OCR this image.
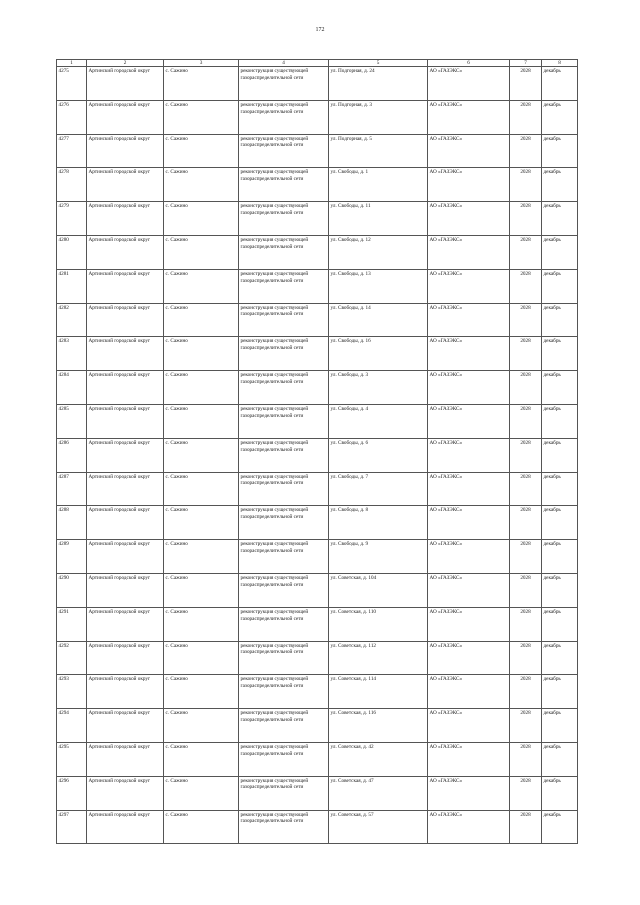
172
1	2	3	4	5	6	7	8
4275	Артинский городской округ	с. Сажино	реконструкция существующей газораспределительной сети	ул. Подгорная, д. 24	АО «ГАЗЭКС»	2028	декабрь
4276	Артинский городской округ	с. Сажино	реконструкция существующей газораспределительной сети	ул. Подгорная, д. 3	АО «ГАЗЭКС»	2028	декабрь
4277	Артинский городской округ	с. Сажино	реконструкция существующей газораспределительной сети	ул. Подгорная, д. 5	АО «ГАЗЭКС»	2028	декабрь
4278	Артинский городской округ	с. Сажино	реконструкция существующей газораспределительной сети	ул. Свободы, д. 1	АО «ГАЗЭКС»	2028	декабрь
4279	Артинский городской округ	с. Сажино	реконструкция существующей газораспределительной сети	ул. Свободы, д. 11	АО «ГАЗЭКС»	2028	декабрь
4280	Артинский городской округ	с. Сажино	реконструкция существующей газораспределительной сети	ул. Свободы, д. 12	АО «ГАЗЭКС»	2028	декабрь
4281	Артинский городской округ	с. Сажино	реконструкция существующей газораспределительной сети	ул. Свободы, д. 13	АО «ГАЗЭКС»	2028	декабрь
4282	Артинский городской округ	с. Сажино	реконструкция существующей газораспределительной сети	ул. Свободы, д. 14	АО «ГАЗЭКС»	2028	декабрь
4283	Артинский городской округ	с. Сажино	реконструкция существующей газораспределительной сети	ул. Свободы, д. 16	АО «ГАЗЭКС»	2028	декабрь
4284	Артинский городской округ	с. Сажино	реконструкция существующей газораспределительной сети	ул. Свободы, д. 3	АО «ГАЗЭКС»	2028	декабрь
4285	Артинский городской округ	с. Сажино	реконструкция существующей газораспределительной сети	ул. Свободы, д. 4	АО «ГАЗЭКС»	2028	декабрь
4286	Артинский городской округ	с. Сажино	реконструкция существующей газораспределительной сети	ул. Свободы, д. 6	АО «ГАЗЭКС»	2028	декабрь
4287	Артинский городской округ	с. Сажино	реконструкция существующей газораспределительной сети	ул. Свободы, д. 7	АО «ГАЗЭКС»	2028	декабрь
4288	Артинский городской округ	с. Сажино	реконструкция существующей газораспределительной сети	ул. Свободы, д. 8	АО «ГАЗЭКС»	2028	декабрь
4289	Артинский городской округ	с. Сажино	реконструкция существующей газораспределительной сети	ул. Свободы, д. 9	АО «ГАЗЭКС»	2028	декабрь
4290	Артинский городской округ	с. Сажино	реконструкция существующей газораспределительной сети	ул. Советская, д. 104	АО «ГАЗЭКС»	2028	декабрь
4291	Артинский городской округ	с. Сажино	реконструкция существующей газораспределительной сети	ул. Советская, д. 110	АО «ГАЗЭКС»	2028	декабрь
4292	Артинский городской округ	с. Сажино	реконструкция существующей газораспределительной сети	ул. Советская, д. 112	АО «ГАЗЭКС»	2028	декабрь
4293	Артинский городской округ	с. Сажино	реконструкция существующей газораспределительной сети	ул. Советская, д. 114	АО «ГАЗЭКС»	2028	декабрь
4294	Артинский городской округ	с. Сажино	реконструкция существующей газораспределительной сети	ул. Советская, д. 116	АО «ГАЗЭКС»	2028	декабрь
4295	Артинский городской округ	с. Сажино	реконструкция существующей газораспределительной сети	ул. Советская, д. 42	АО «ГАЗЭКС»	2028	декабрь
4296	Артинский городской округ	с. Сажино	реконструкция существующей газораспределительной сети	ул. Советская, д. 47	АО «ГАЗЭКС»	2028	декабрь
4297	Артинский городской округ	с. Сажино	реконструкция существующей газораспределительной сети	ул. Советская, д. 57	АО «ГАЗЭКС»	2028	декабрь
